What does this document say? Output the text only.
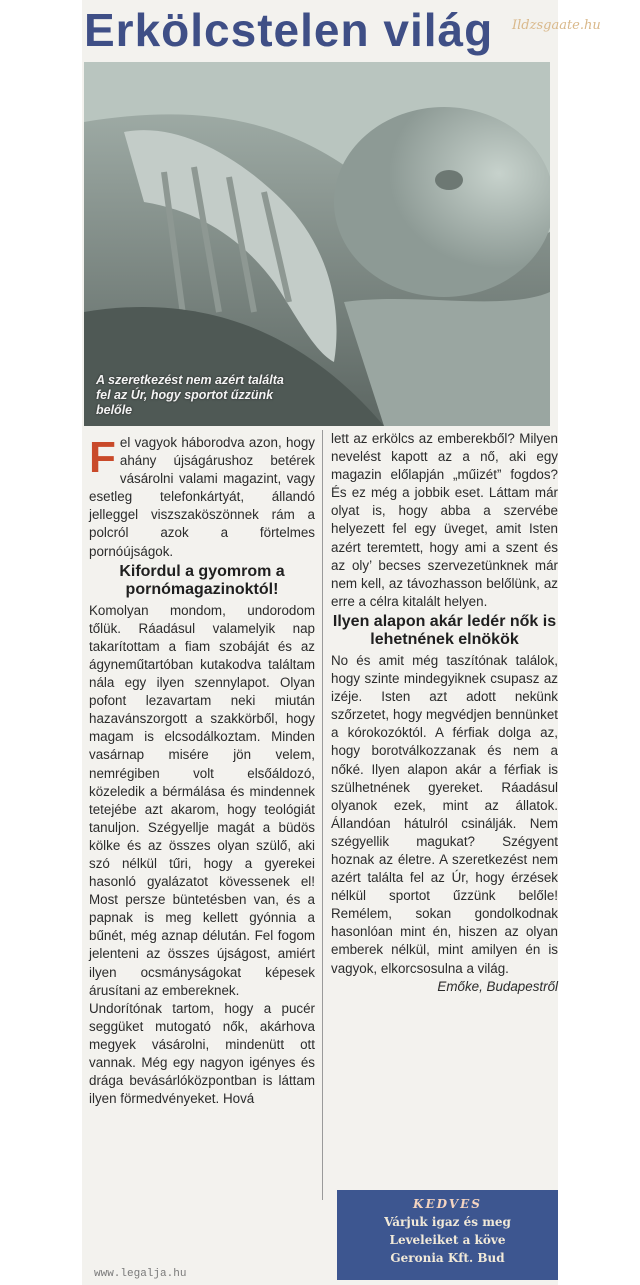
Erkölcstelen világ	Ildzsgaate.hu
A szeretkezést nem azért találta fel az Úr, hogy sportot űzzünk belőle

Fel vagyok háborodva azon, hogy ahány újságárushoz betérek vásárolni valami magazint, vagy esetleg telefonkártyát, állandó jelleggel viszszaköszönnek rám a polcról azok a förtelmes pornóújságok.

Kifordul a gyomrom a pornómagazinoktól!

Komolyan mondom, undorodom tőlük. Ráadásul valamelyik nap takarítottam a fiam szobáját és az ágyneműtartóban kutakodva találtam nála egy ilyen szennylapot. Olyan pofont lezavartam neki miután hazavánszorgott a szakkörből, hogy magam is elcsodálkoztam. Minden vasárnap misére jön velem, nemrégiben volt elsőáldozó, közeledik a bérmálása és mindennek tetejébe azt akarom, hogy teológiát tanuljon. Szégyellje magát a büdös kölke és az összes olyan szülő, aki szó nélkül tűri, hogy a gyerekei hasonló gyalázatot kövessenek el! Most persze büntetésben van, és a papnak is meg kellett gyónnia a bűnét, még aznap délután. Fel fogom jelenteni az összes újságost, amiért ilyen ocsmányságokat képesek árusítani az embereknek.

Undorítónak tartom, hogy a pucér seggüket mutogató nők, akárhova megyek vásárolni, mindenütt ott vannak. Még egy nagyon igényes és drága bevásárlóközpontban is láttam ilyen förmedvényeket. Hová

lett az erkölcs az emberekből? Milyen nevelést kapott az a nő, aki egy magazin előlapján „műizét” fogdos? És ez még a jobbik eset. Láttam már olyat is, hogy abba a szervébe helyezett fel egy üveget, amit Isten azért teremtett, hogy ami a szent és az oly’ becses szervezetünknek már nem kell, az távozhasson belőlünk, az erre a célra kitalált helyen.

Ilyen alapon akár ledér nők is lehetnének elnökök

No és amit még taszítónak találok, hogy szinte mindegyiknek csupasz az izéje. Isten azt adott nekünk szőrzetet, hogy megvédjen bennünket a kórokozóktól. A férfiak dolga az, hogy borotválkozzanak és nem a nőké. Ilyen alapon akár a férfiak is szülhetnének gyereket. Ráadásul olyanok ezek, mint az állatok. Állandóan hátulról csinálják. Nem szégyellik magukat? Szégyent hoznak az életre. A szeretkezést nem azért találta fel az Úr, hogy érzések nélkül sportot űzzünk belőle! Remélem, sokan gondolkodnak hasonlóan mint én, hiszen az olyan emberek nélkül, mint amilyen én is vagyok, elkorcsosulna a világ.

Emőke, Budapestről

KEDVES
Várjuk igaz és meg
Leveleiket a köve
Geronia Kft. Bud
www.legalja.hu
